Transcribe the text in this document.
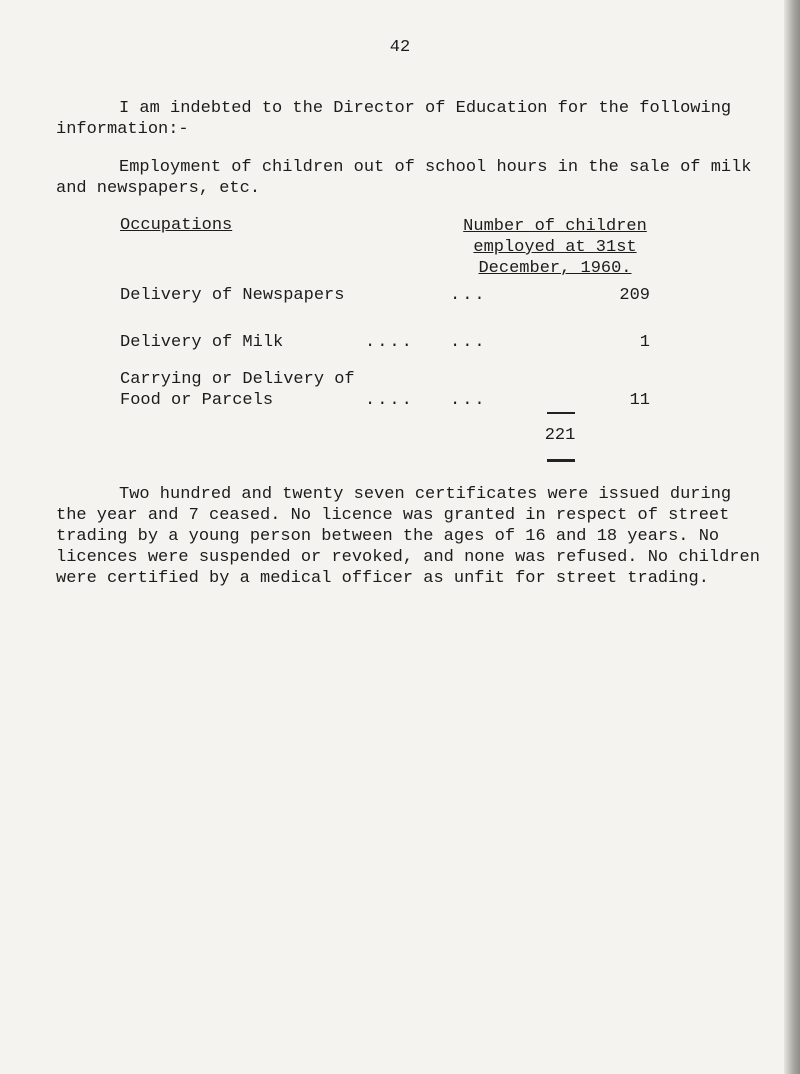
42

I am indebted to the Director of Education for the following information:-

Employment of children out of school hours in the sale of milk and newspapers, etc.

Occupations	Number of children
employed at 31st
December, 1960.
Delivery of Newspapers	...	209
Delivery of Milk	.... ...	1
Carrying or Delivery of
Food or Parcels	.... ...	11
221

Two hundred and twenty seven certificates were issued during the year and 7 ceased. No licence was granted in respect of street trading by a young person between the ages of 16 and 18 years. No licences were suspended or revoked, and none was refused. No children were certified by a medical officer as unfit for street trading.
